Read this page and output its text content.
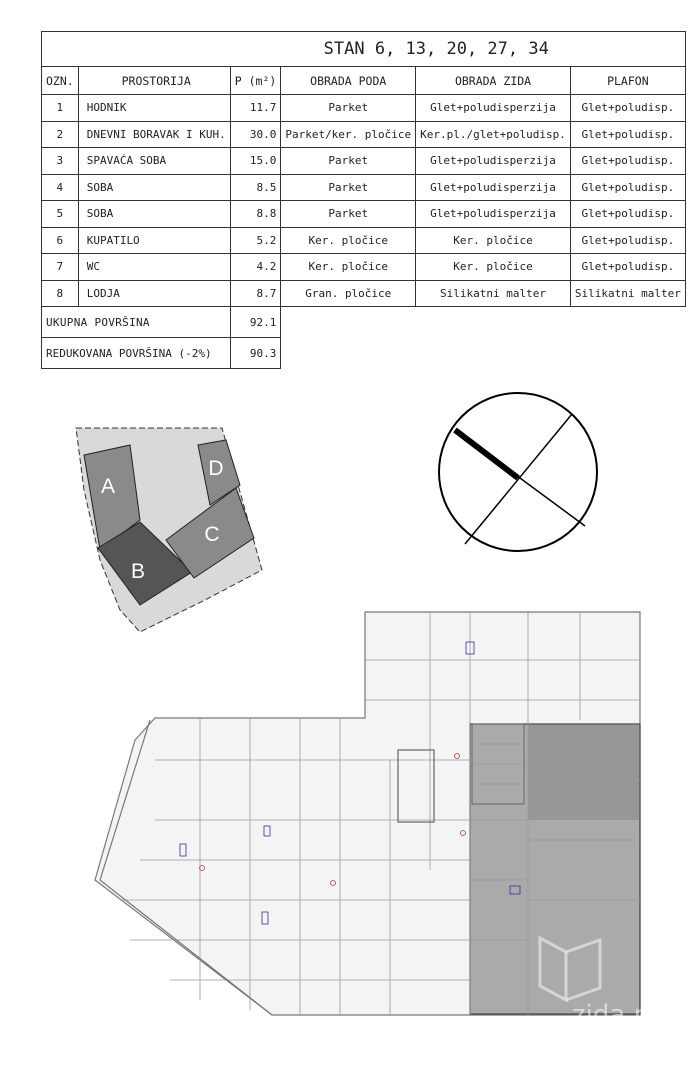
STAN 6, 13, 20, 27, 34					
OZN.	PROSTORIJA	P (m²)	OBRADA PODA	OBRADA ZIDA	PLAFON
1	HODNIK	11.7	Parket	Glet+poludisperzija	Glet+poludisp.
2	DNEVNI BORAVAK I KUH.	30.0	Parket/ker. pločice	Ker.pl./glet+poludisp.	Glet+poludisp.
3	SPAVAĆA SOBA	15.0	Parket	Glet+poludisperzija	Glet+poludisp.
4	SOBA	8.5	Parket	Glet+poludisperzija	Glet+poludisp.
5	SOBA	8.8	Parket	Glet+poludisperzija	Glet+poludisp.
6	KUPATILO	5.2	Ker. pločice	Ker. pločice	Glet+poludisp.
7	WC	4.2	Ker. pločice	Ker. pločice	Glet+poludisp.
8	LODJA	8.7	Gran. pločice	Silikatni malter	Silikatni malter
UKUPNA POVRŠINA		92.1			
REDUKOVANA POVRŠINA (-2%)		90.3			
A
B
C
D
zida.rs
